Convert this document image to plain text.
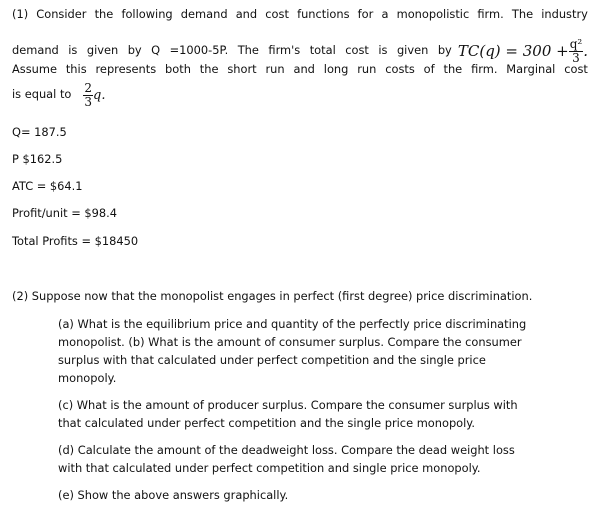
(1) Consider the following demand and cost functions for a monopolistic firm. The industry
demand is given by Q =1000-5P. The firm's total cost is given by $TC(q) = 300 + \frac{\text{q²}}{3}$ .
Assume this represents both the short run and long run costs of the firm. Marginal cost
is equal to $\frac{2}{3} q$.
Q= 187.5
P $162.5
ATC = $64.1
Profit/unit = $98.4
Total Profits = $18450
(2) Suppose now that the monopolist engages in perfect (first degree) price discrimination.
(a) What is the equilibrium price and quantity of the perfectly price discriminating
monopolist. (b) What is the amount of consumer surplus. Compare the consumer
surplus with that calculated under perfect competition and the single price
monopoly.
(c) What is the amount of producer surplus. Compare the consumer surplus with
that calculated under perfect competition and the single price monopoly.
(d) Calculate the amount of the deadweight loss. Compare the dead weight loss
with that calculated under perfect competition and single price monopoly.
(e) Show the above answers graphically.
